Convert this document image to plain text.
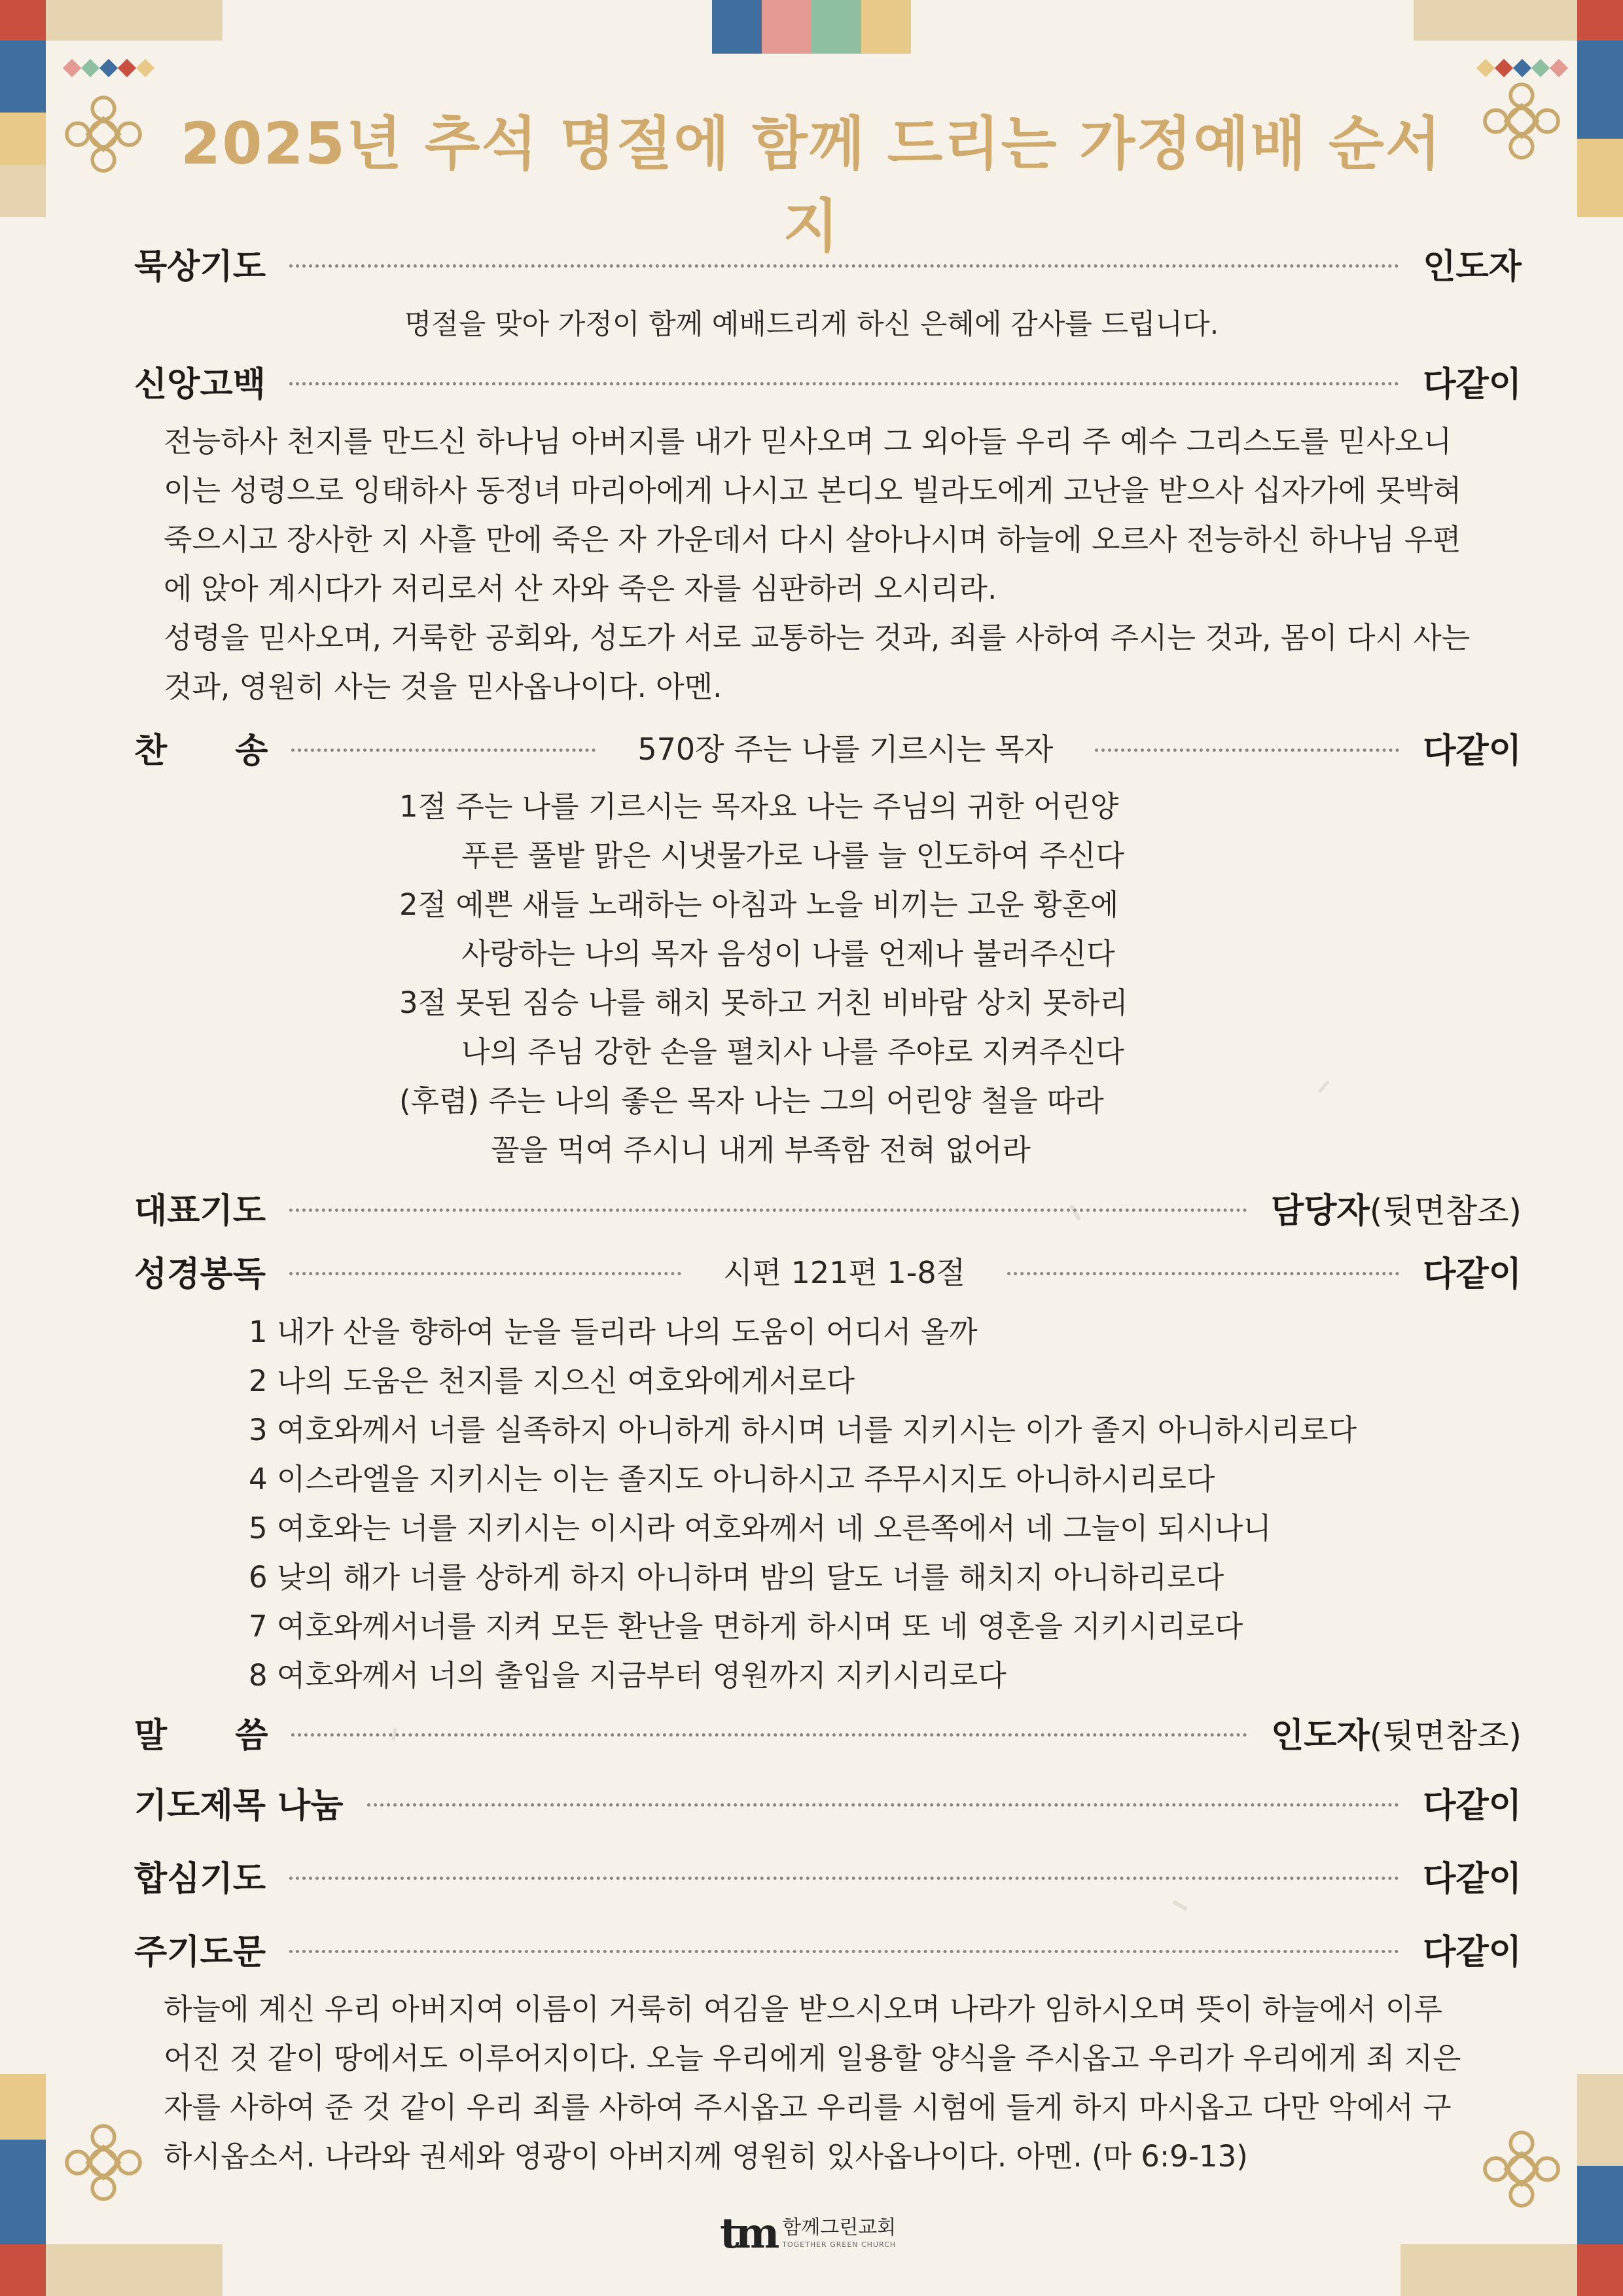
2025년 추석 명절에 함께 드리는 가정예배 순서지
묵상기도	인도자
명절을 맞아 가정이 함께 예배드리게 하신 은혜에 감사를 드립니다.
신앙고백	다같이
전능하사 천지를 만드신 하나님 아버지를 내가 믿사오며 그 외아들 우리 주 예수 그리스도를 믿사오니
이는 성령으로 잉태하사 동정녀 마리아에게 나시고 본디오 빌라도에게 고난을 받으사 십자가에 못박혀
죽으시고 장사한 지 사흘 만에 죽은 자 가운데서 다시 살아나시며 하늘에 오르사 전능하신 하나님 우편
에 앉아 계시다가 저리로서 산 자와 죽은 자를 심판하러 오시리라.
성령을 믿사오며, 거룩한 공회와, 성도가 서로 교통하는 것과, 죄를 사하여 주시는 것과, 몸이 다시 사는
것과, 영원히 사는 것을 믿사옵나이다. 아멘.
찬　　송	570장 주는 나를 기르시는 목자	다같이
1절 주는 나를 기르시는 목자요 나는 주님의 귀한 어린양
푸른 풀밭 맑은 시냇물가로 나를 늘 인도하여 주신다
2절 예쁜 새들 노래하는 아침과 노을 비끼는 고운 황혼에
사랑하는 나의 목자 음성이 나를 언제나 불러주신다
3절 못된 짐승 나를 해치 못하고 거친 비바람 상치 못하리
나의 주님 강한 손을 펼치사 나를 주야로 지켜주신다
(후렴) 주는 나의 좋은 목자 나는 그의 어린양 철을 따라
꼴을 먹여 주시니 내게 부족함 전혀 없어라
대표기도	담당자(뒷면참조)
성경봉독	시편 121편 1-8절	다같이
1 내가 산을 향하여 눈을 들리라 나의 도움이 어디서 올까
2 나의 도움은 천지를 지으신 여호와에게서로다
3 여호와께서 너를 실족하지 아니하게 하시며 너를 지키시는 이가 졸지 아니하시리로다
4 이스라엘을 지키시는 이는 졸지도 아니하시고 주무시지도 아니하시리로다
5 여호와는 너를 지키시는 이시라 여호와께서 네 오른쪽에서 네 그늘이 되시나니
6 낮의 해가 너를 상하게 하지 아니하며 밤의 달도 너를 해치지 아니하리로다
7 여호와께서너를 지켜 모든 환난을 면하게 하시며 또 네 영혼을 지키시리로다
8 여호와께서 너의 출입을 지금부터 영원까지 지키시리로다
말　　씀	인도자(뒷면참조)
기도제목 나눔	다같이
합심기도	다같이
주기도문	다같이
하늘에 계신 우리 아버지여 이름이 거룩히 여김을 받으시오며 나라가 임하시오며 뜻이 하늘에서 이루
어진 것 같이 땅에서도 이루어지이다. 오늘 우리에게 일용할 양식을 주시옵고 우리가 우리에게 죄 지은
자를 사하여 준 것 같이 우리 죄를 사하여 주시옵고 우리를 시험에 들게 하지 마시옵고 다만 악에서 구
하시옵소서. 나라와 권세와 영광이 아버지께 영원히 있사옵나이다. 아멘. (마 6:9-13)
tm 함께그린교회
TOGETHER GREEN CHURCH
